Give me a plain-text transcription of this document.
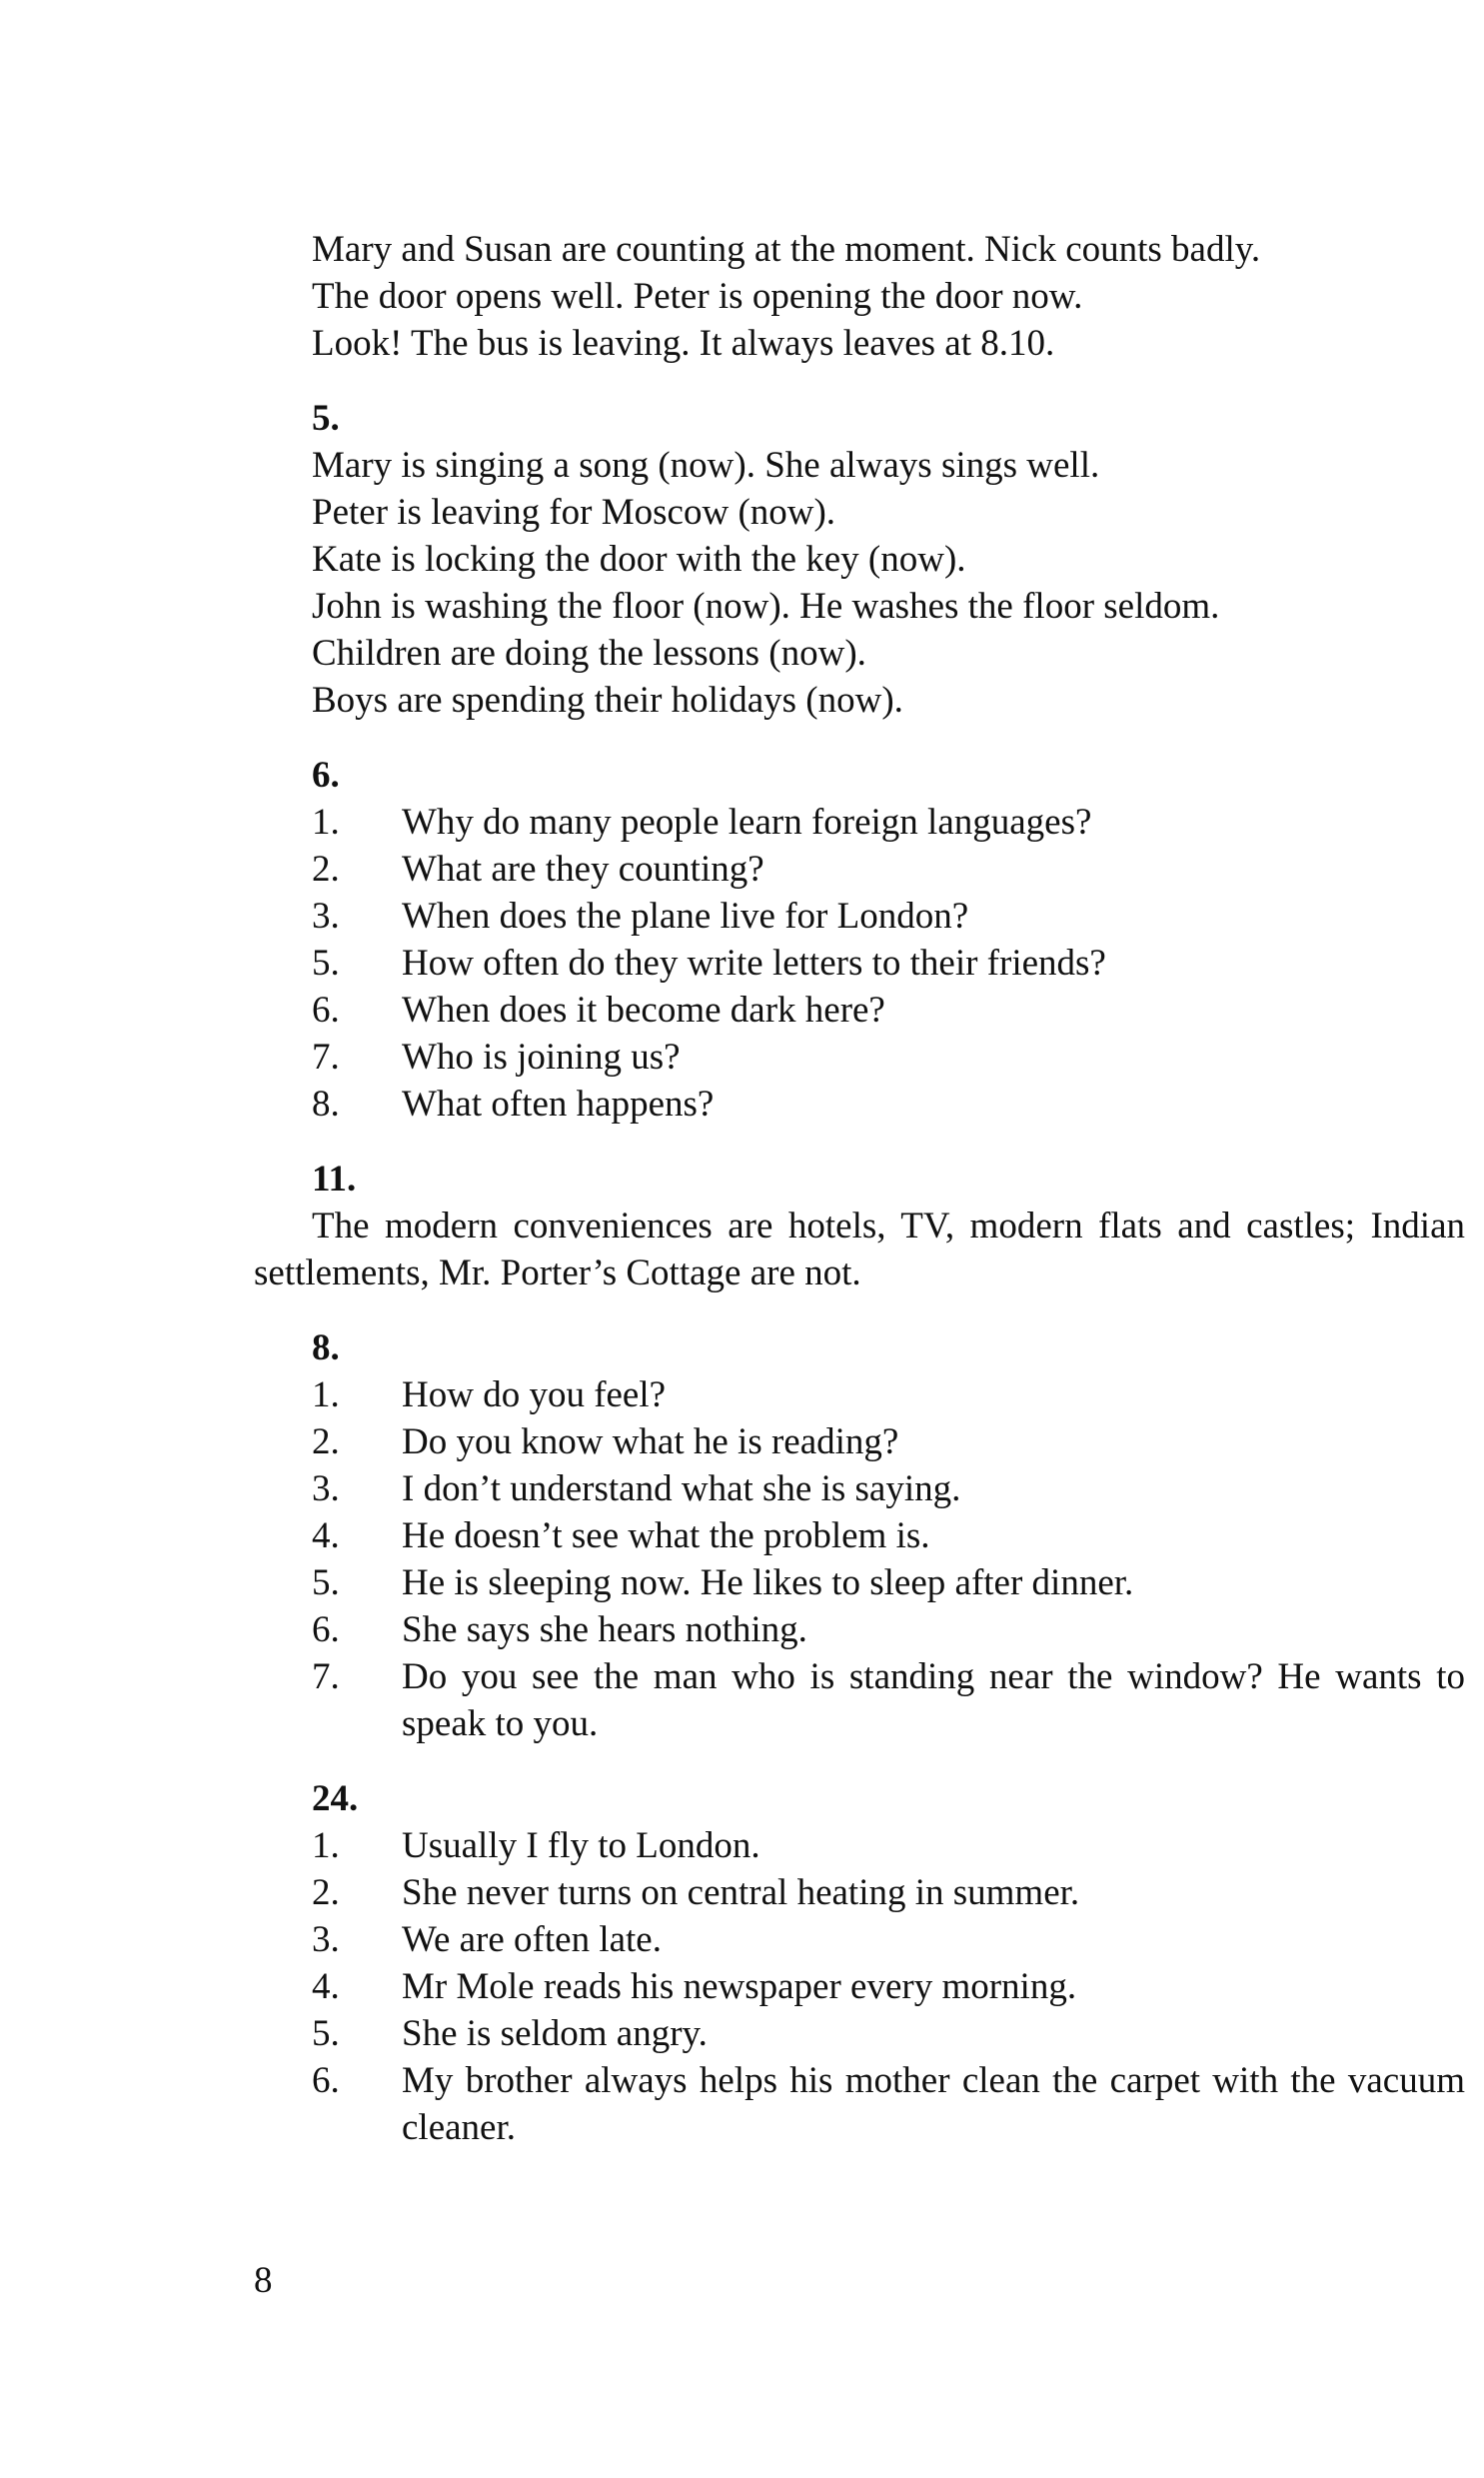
Mary and Susan are counting at the moment. Nick counts badly.

The door opens well. Peter is opening the door now.

Look! The bus is leaving. It always leaves at 8.10.

5.

Mary is singing a song (now). She always sings well.

Peter is leaving for Moscow (now).

Kate is locking the door with the key (now).

John is washing the floor (now). He washes the floor seldom.

Children are doing the lessons (now).

Boys are spending their holidays (now).

6.
1.	Why do many people learn foreign languages?
2.	What are they counting?
3.	When does the plane live for London?
5.	How often do they write letters to their friends?
6.	When does it become dark here?
7.	Who is joining us?
8.	What often happens?
11.

The modern conveniences are hotels, TV, modern flats and castles; Indian settlements, Mr. Porter’s Cottage are not.

8.
1.	How do you feel?
2.	Do you know what he is reading?
3.	I don’t understand what she is saying.
4.	He doesn’t see what the problem is.
5.	He is sleeping now. He likes to sleep after dinner.
6.	She says she hears nothing.
7.	Do you see the man who is standing near the window? He wants to speak to you.
24.
1.	Usually I fly to London.
2.	She never turns on central heating in summer.
3.	We are often late.
4.	Mr Mole reads his newspaper every morning.
5.	She is seldom angry.
6.	My brother always helps his mother clean the carpet with the vacuum cleaner.
8
